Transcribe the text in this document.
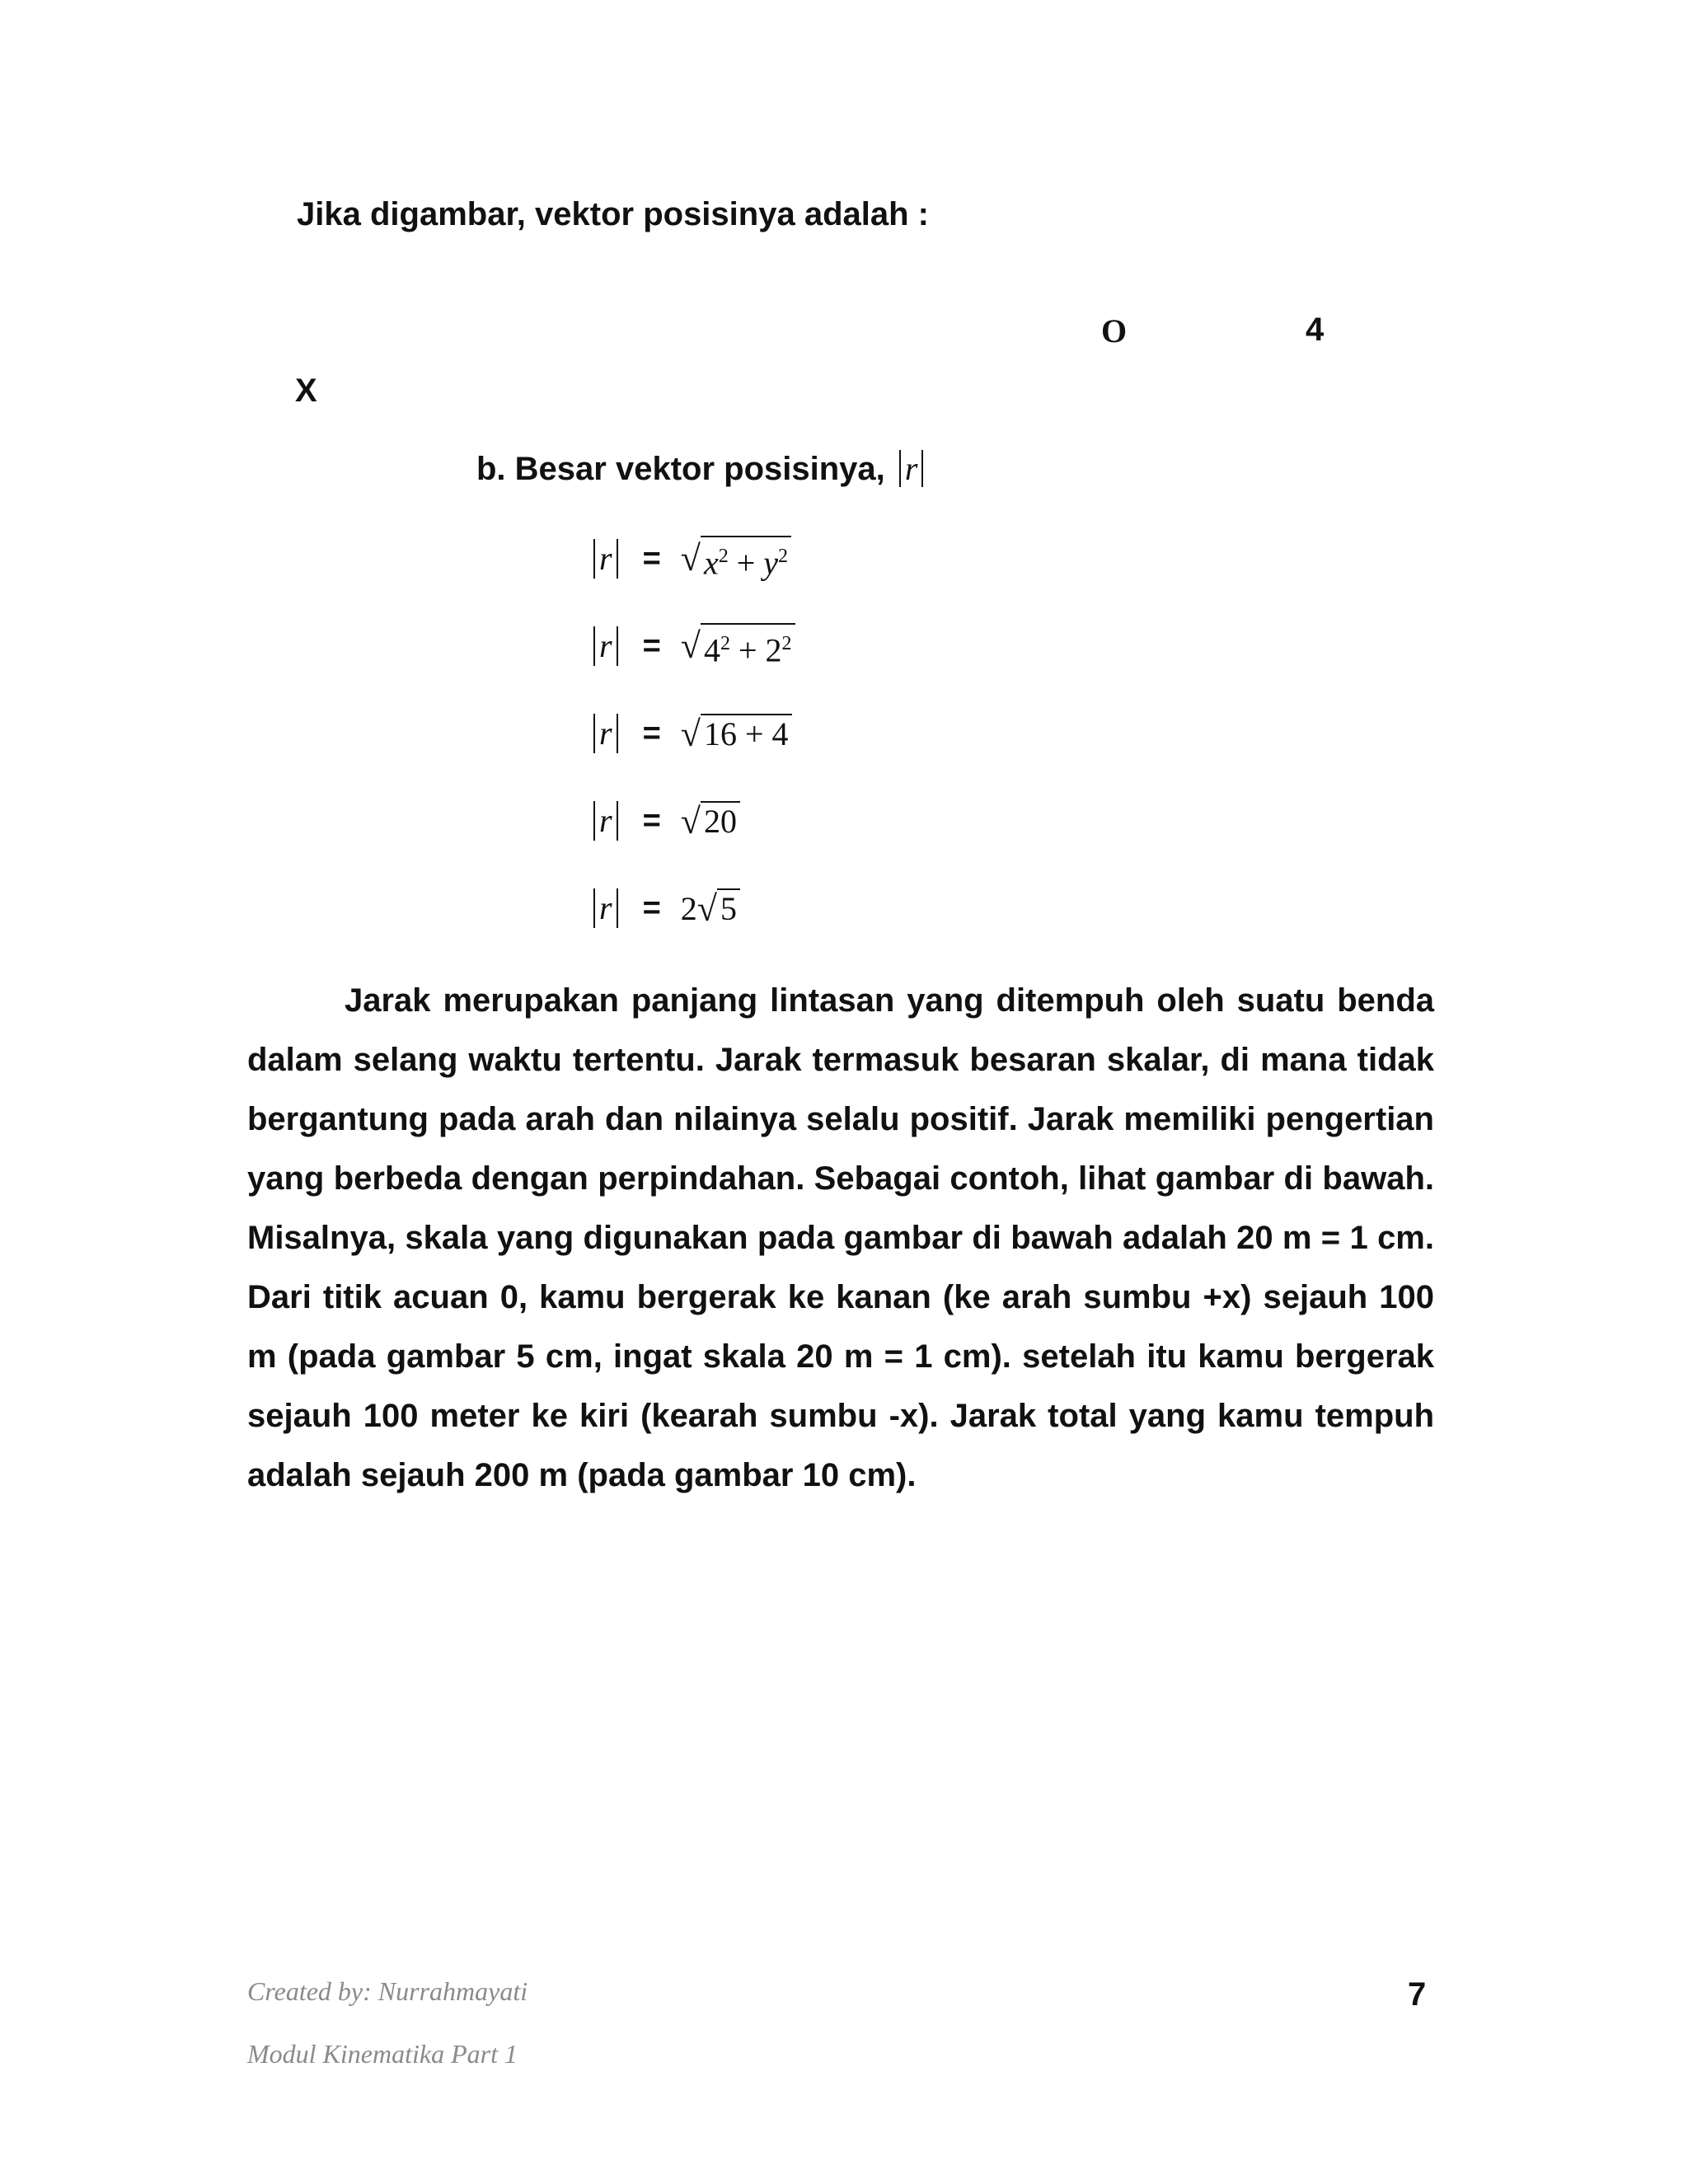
Jika digambar, vektor posisinya adalah :
O	4
X
b. Besar vektor posisinya, r
r = √ $x^2 + y^2$
r = √ $4^2 + 2^2$
r = √ 16 + 4
r = √ 20
r = 2 √ 5

Jarak merupakan panjang lintasan yang ditempuh oleh suatu benda dalam selang waktu tertentu. Jarak termasuk besaran skalar, di mana tidak bergantung pada arah dan nilainya selalu positif. Jarak memiliki pengertian yang berbeda dengan perpindahan. Sebagai contoh, lihat gambar di bawah. Misalnya, skala yang digunakan pada gambar di bawah adalah 20 m = 1 cm. Dari titik acuan 0, kamu bergerak ke kanan (ke arah sumbu +x) sejauh 100 m (pada gambar 5 cm, ingat skala 20 m = 1 cm). setelah itu kamu bergerak sejauh 100 meter ke kiri (kearah sumbu -x). Jarak total yang kamu tempuh adalah sejauh 200 m (pada gambar 10 cm).

Created by: Nurrahmayati
Modul Kinematika Part 1
7
